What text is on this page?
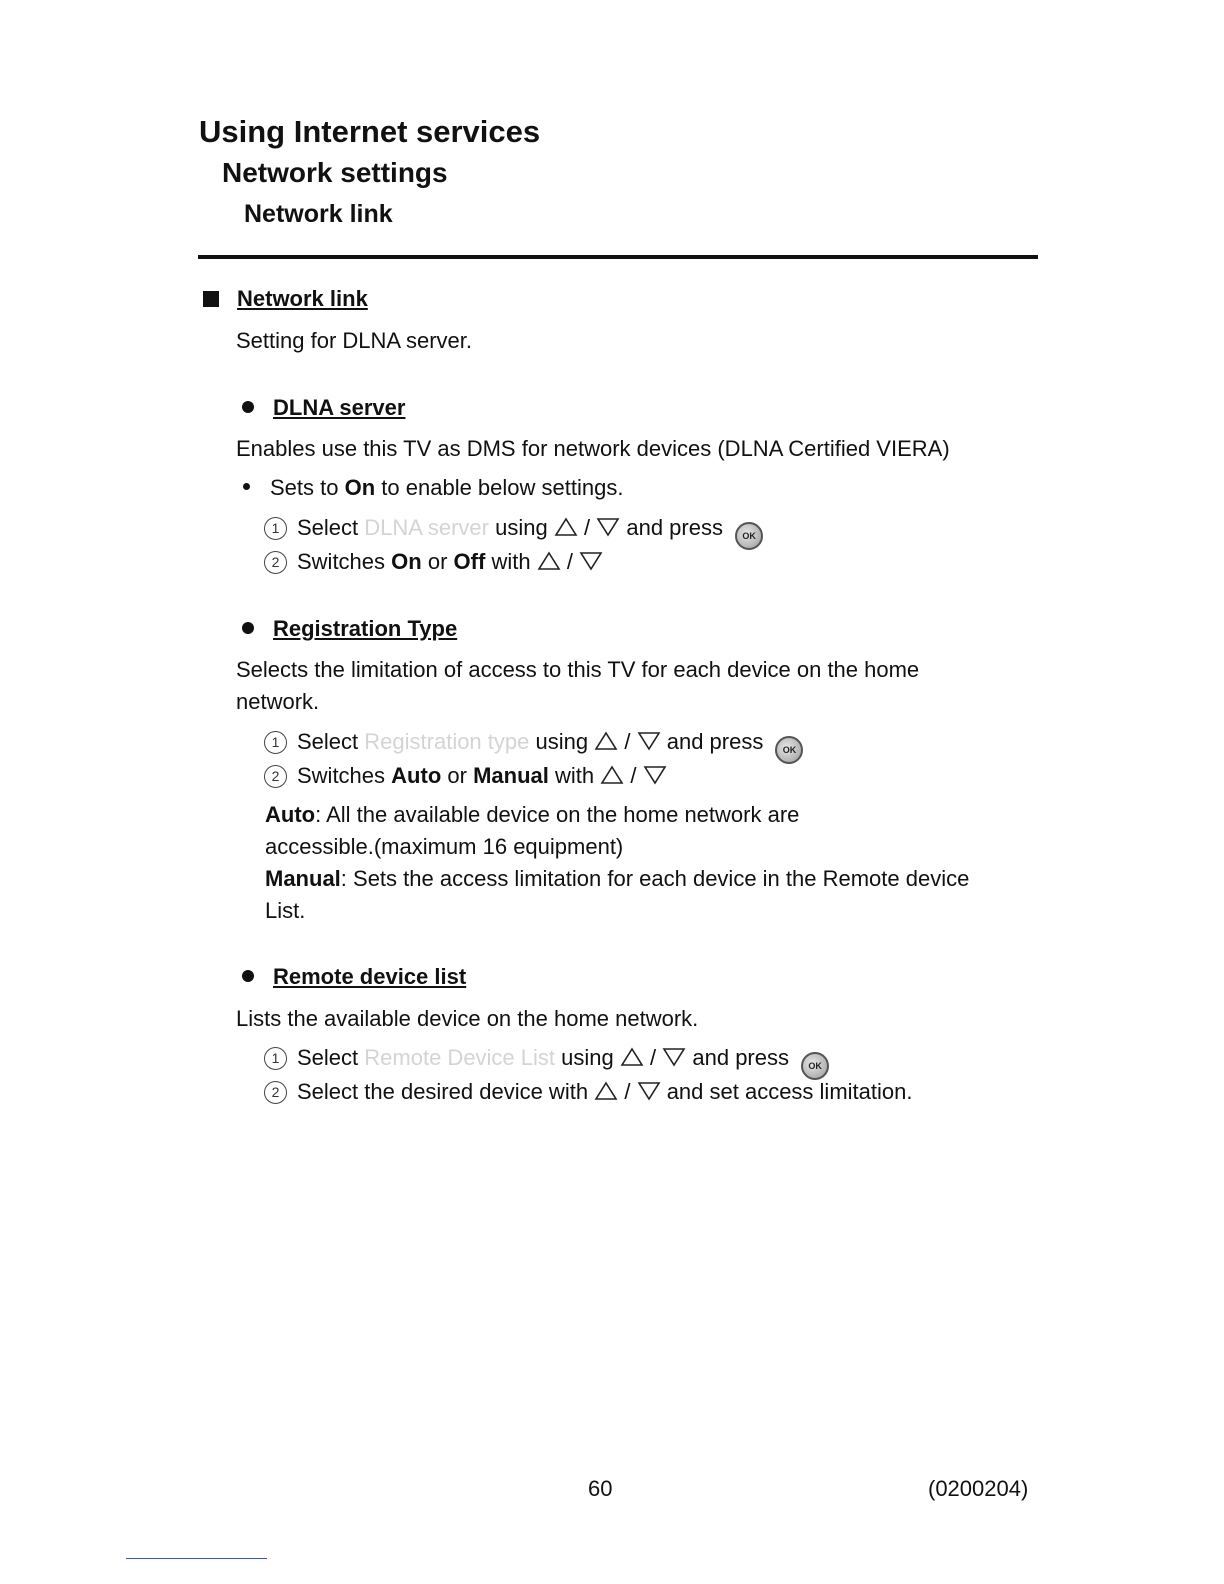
Using Internet services
Network settings
Network link
Network link
Setting for DLNA server.
DLNA server
Enables use this TV as DMS for network devices (DLNA Certified VIERA)
Sets to On to enable below settings.
1 Select DLNA server using / and press OK
2 Switches On or Off with /
Registration Type
Selects the limitation of access to this TV for each device on the home
network.
1 Select Registration type using / and press OK
2 Switches Auto or Manual with /
Auto: All the available device on the home network are
accessible.(maximum 16 equipment)
Manual: Sets the access limitation for each device in the Remote device
List.
Remote device list
Lists the available device on the home network.
1 Select Remote Device List using / and press OK
2 Select the desired device with / and set access limitation.
60	(0200204)
